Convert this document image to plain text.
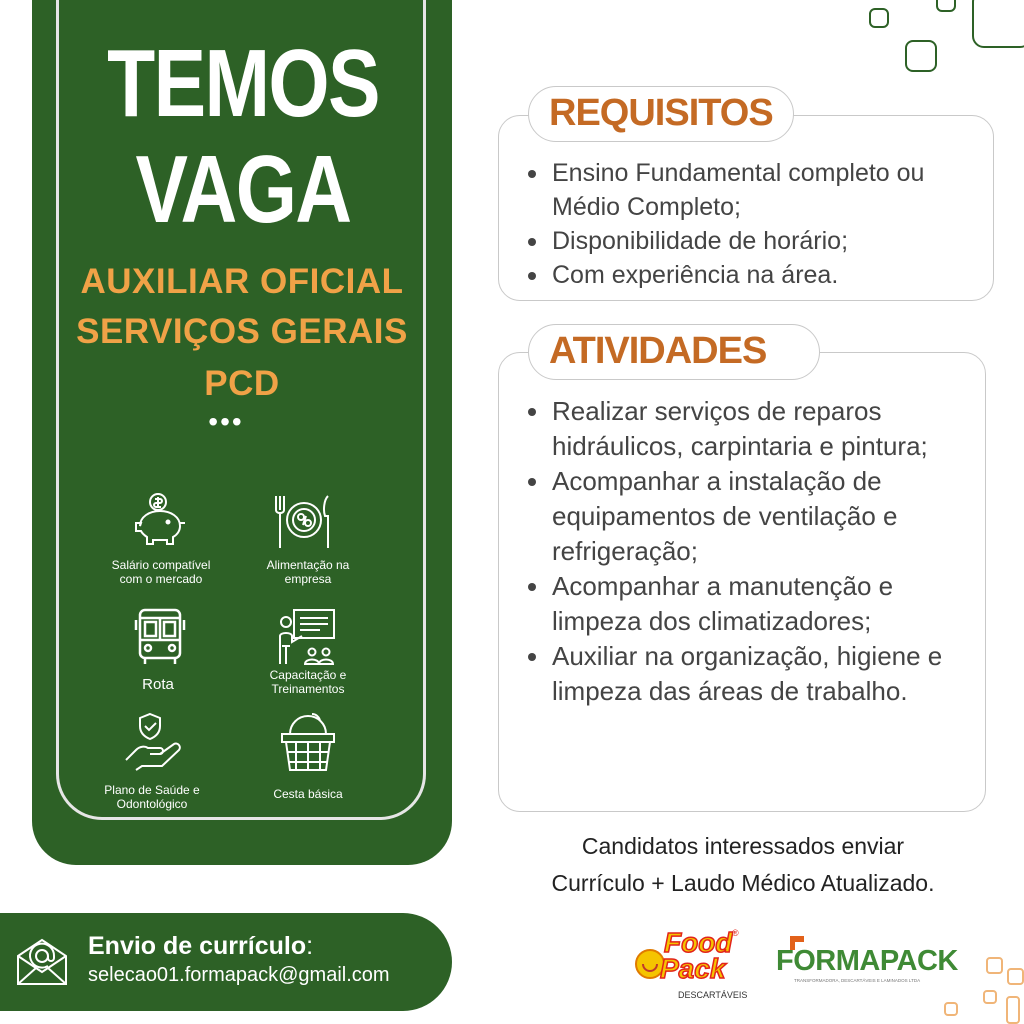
TEMOS
VAGA
AUXILIAR OFICIAL
SERVIÇOS GERAIS
PCD
•••
Salário compatível
com o mercado
Alimentação na
empresa
Rota
Capacitação e
Treinamentos
Plano de Saúde e
Odontológico
Cesta básica
REQUISITOS
Ensino Fundamental completo ou Médio Completo;
Disponibilidade de horário;
Com experiência na área.
ATIVIDADES
Realizar serviços de reparos hidráulicos, carpintaria e pintura;
Acompanhar a instalação de equipamentos de ventilação e refrigeração;
Acompanhar a manutenção e limpeza dos climatizadores;
Auxiliar na organização, higiene e limpeza das áreas de trabalho.
Candidatos interessados enviar
Currículo + Laudo Médico Atualizado.
Envio de currículo:
selecao01.formapack@gmail.com
Food
Pack
®
DESCARTÁVEIS
FORMAPACK
TRANSFORMADORA, DESCARTÁVEIS E LAMINADOS LTDA
